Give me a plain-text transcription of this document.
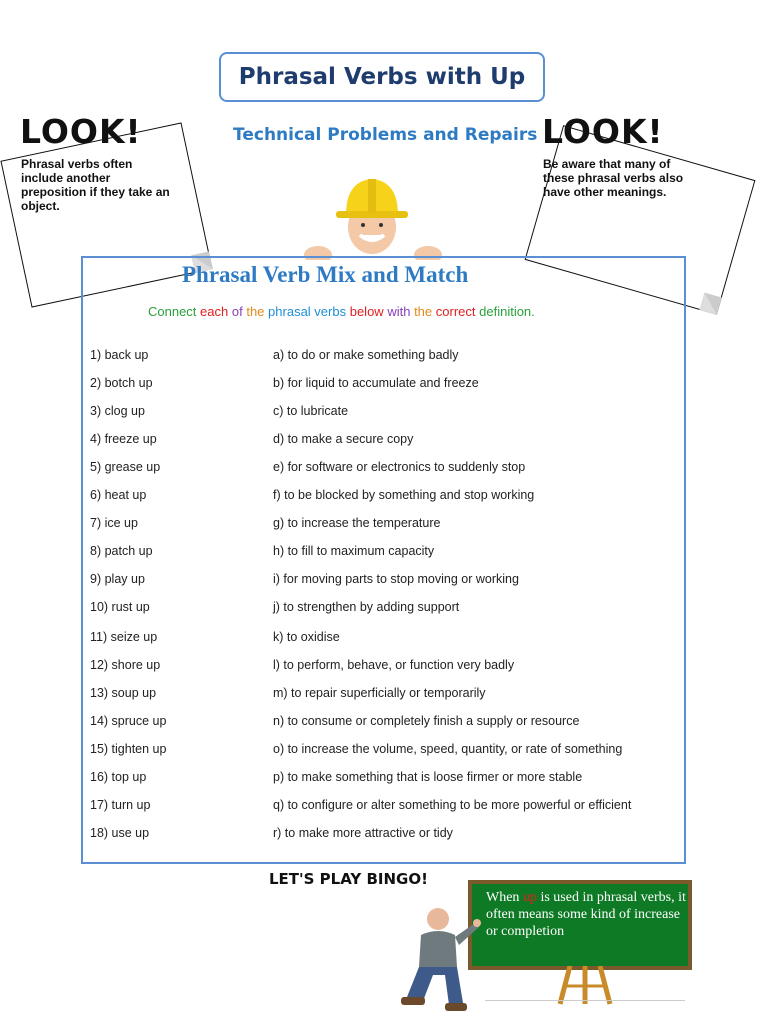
Phrasal Verbs with Up
Technical Problems and Repairs
LOOK!
Phrasal verbs often include another preposition if they take an object.
LOOK!
Be aware that many of these phrasal verbs also have other meanings.
Phrasal Verb Mix and Match
Connect each of the phrasal verbs below with the correct definition.
1) back up	a) to do or make something badly
2) botch up	b) for liquid to accumulate and freeze
3) clog up	c) to lubricate
4) freeze up	d) to make a secure copy
5) grease up	e) for software or electronics to suddenly stop
6) heat up	f) to be blocked by something and stop working
7) ice up	g) to increase the temperature
8) patch up	h) to fill to maximum capacity
9) play up	i) for moving parts to stop moving or working
10) rust up	j) to strengthen by adding support
11) seize up	k) to oxidise
12) shore up	l) to perform, behave, or function very badly
13) soup up	m) to repair superficially or temporarily
14) spruce up	n) to consume or completely finish a supply or resource
15) tighten up	o) to increase the volume, speed, quantity, or rate of something
16) top up	p) to make something that is loose firmer or more stable
17) turn up	q) to configure or alter something to be more powerful or efficient
18) use up	r) to make more attractive or tidy
LET'S PLAY BINGO!
When up is used in phrasal verbs, it often means some kind of increase or completion
